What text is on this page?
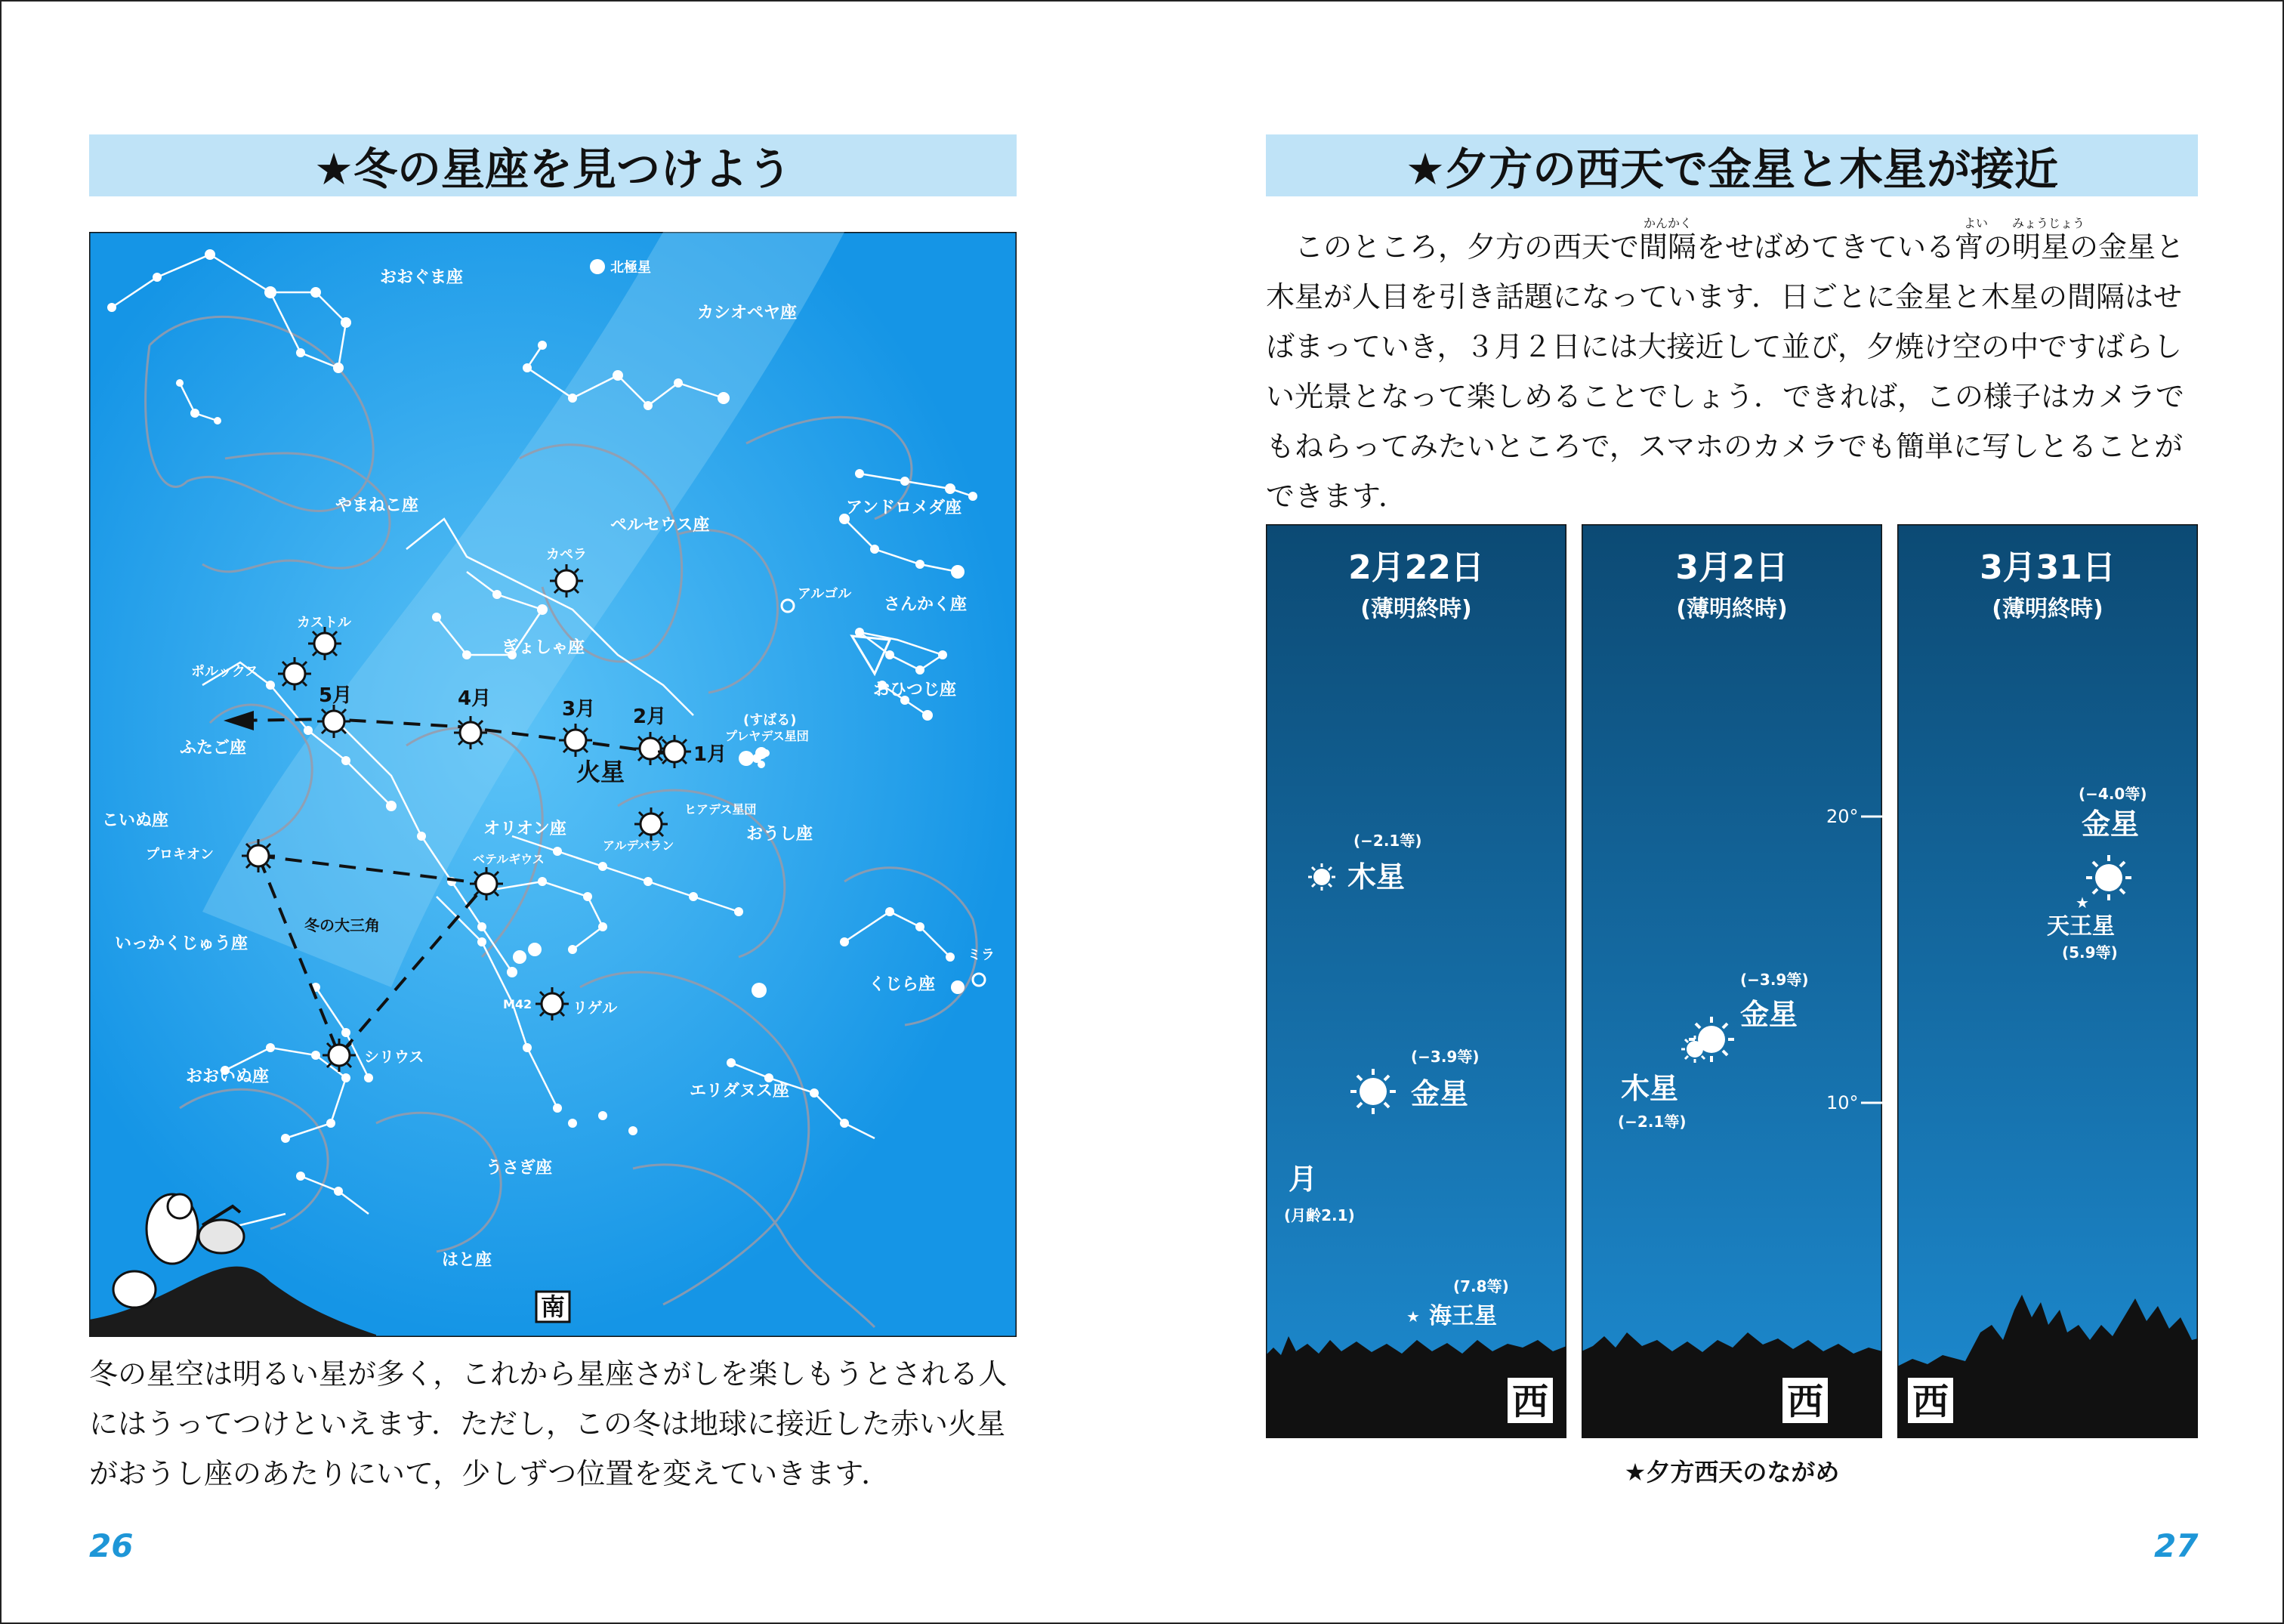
★冬の星座を見つけよう
おおぐま座
北極星
カシオペヤ座
やまねこ座
ペルセウス座
アンドロメダ座
カペラ
アルゴル
さんかく座
カストル
ぎょしゃ座
ポルックス
おひつじ座
ふたご座
(すばる)
プレヤデス星団
こいぬ座
ヒアデス星団
オリオン座	おうし座
プロキオン	ベテルギウス
アルデバラン
いっかくじゅう座
ミラ
くじら座
M42	リゲル
シリウス
おおいぬ座
エリダヌス座
うさぎ座
はと座
冬の大三角
火星
5月	4月	3月 2月
1月
南
冬の星空は明るい星が多く，これから星座さがしを楽しもうとされる人
にはうってつけといえます．ただし，この冬は地球に接近した赤い火星
がおうし座のあたりにいて，少しずつ位置を変えていきます．
26
★夕方の西天で金星と木星が接近
かんかく	よい みょうじょう
このところ，夕方の西天で間隔をせばめてきている宵の明星の金星と
木星が人目を引き話題になっています．日ごとに金星と木星の間隔はせ
ばまっていき，３月２日には大接近して並び，夕焼け空の中ですばらし
い光景となって楽しめることでしょう．できれば，この様子はカメラで
もねらってみたいところで，スマホのカメラでも簡単に写しとることが
できます．
2月22日
(薄明終時)
(−2.1等)
木星
(−3.9等)
金星
月
(月齢2.1)
(7.8等)
★ 海王星
西
3月2日
(薄明終時)
20°
10°
(−3.9等)
金星
木星
(−2.1等)
西
3月31日
(薄明終時)
(−4.0等)
金星
★
天王星
(5.9等)
西
★夕方西天のながめ
27
